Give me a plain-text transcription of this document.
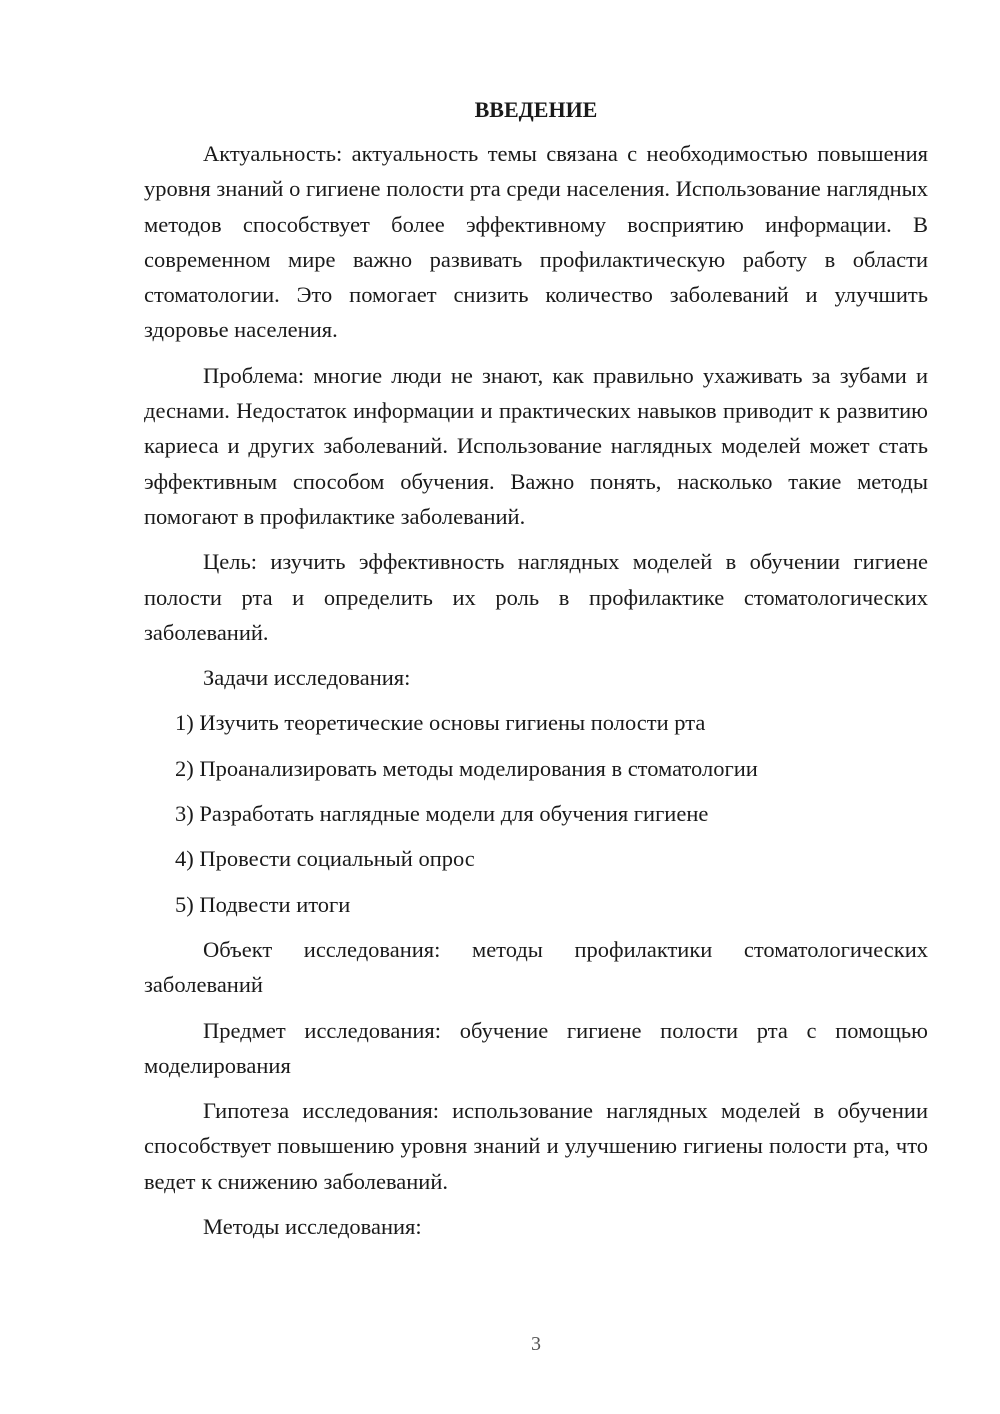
ВВЕДЕНИЕ

Актуальность: актуальность темы связана с необходимостью повышения уровня знаний о гигиене полости рта среди населения. Использование наглядных методов способствует более эффективному восприятию информации. В современном мире важно развивать профилактическую работу в области стоматологии. Это помогает снизить количество заболеваний и улучшить здоровье населения.

Проблема: многие люди не знают, как правильно ухаживать за зубами и деснами. Недостаток информации и практических навыков приводит к развитию кариеса и других заболеваний. Использование наглядных моделей может стать эффективным способом обучения. Важно понять, насколько такие методы помогают в профилактике заболеваний.

Цель: изучить эффективность наглядных моделей в обучении гигиене полости рта и определить их роль в профилактике стоматологических заболеваний.

Задачи исследования:

1) Изучить теоретические основы гигиены полости рта
2) Проанализировать методы моделирования в стоматологии
3) Разработать наглядные модели для обучения гигиене
4) Провести социальный опрос
5) Подвести итоги

Объект исследования: методы профилактики стоматологических заболеваний

Предмет исследования: обучение гигиене полости рта с помощью моделирования

Гипотеза исследования: использование наглядных моделей в обучении способствует повышению уровня знаний и улучшению гигиены полости рта, что ведет к снижению заболеваний.

Методы исследования:

3
